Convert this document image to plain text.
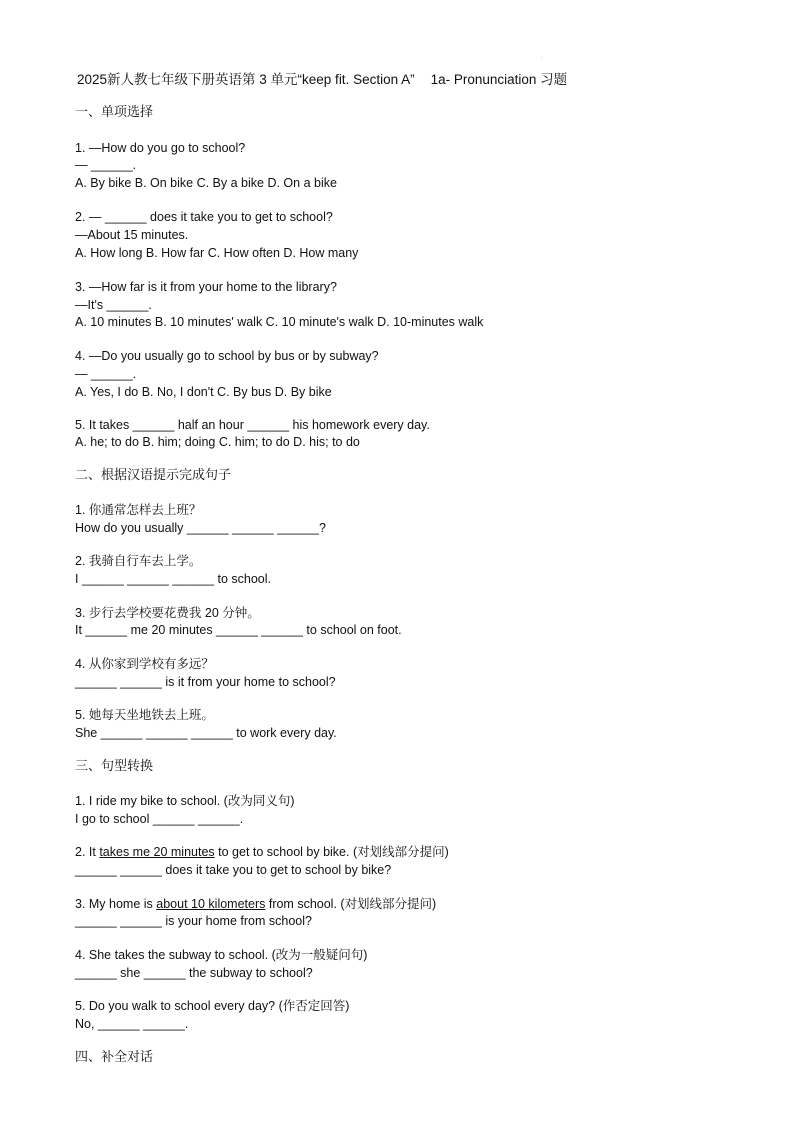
.
2025新人教七年级下册英语第 3 单元“keep fit. Section A” 1a- Pronunciation 习题
一、单项选择
1. —How do you go to school?
— ______.
A. By bike B. On bike C. By a bike D. On a bike
2. — ______ does it take you to get to school?
—About 15 minutes.
A. How long B. How far C. How often D. How many
3. —How far is it from your home to the library?
—It's ______.
A. 10 minutes B. 10 minutes' walk C. 10 minute's walk D. 10-minutes walk
4. —Do you usually go to school by bus or by subway?
— ______.
A. Yes, I do B. No, I don't C. By bus D. By bike
5. It takes ______ half an hour ______ his homework every day.
A. he; to do B. him; doing C. him; to do D. his; to do
二、根据汉语提示完成句子
1. 你通常怎样去上班？
How do you usually ______ ______ ______?
2. 我骑自行车去上学。
I ______ ______ ______ to school.
3. 步行去学校要花费我 20 分钟。
It ______ me 20 minutes ______ ______ to school on foot.
4. 从你家到学校有多远？
______ ______ is it from your home to school?
5. 她每天坐地铁去上班。
She ______ ______ ______ to work every day.
三、句型转换
1. I ride my bike to school. (改为同义句)
I go to school ______ ______.
2. It takes me 20 minutes to get to school by bike. (对划线部分提问)
______ ______ does it take you to get to school by bike?
3. My home is about 10 kilometers from school. (对划线部分提问)
______ ______ is your home from school?
4. She takes the subway to school. (改为一般疑问句)
______ she ______ the subway to school?
5. Do you walk to school every day? (作否定回答)
No, ______ ______.
四、补全对话
